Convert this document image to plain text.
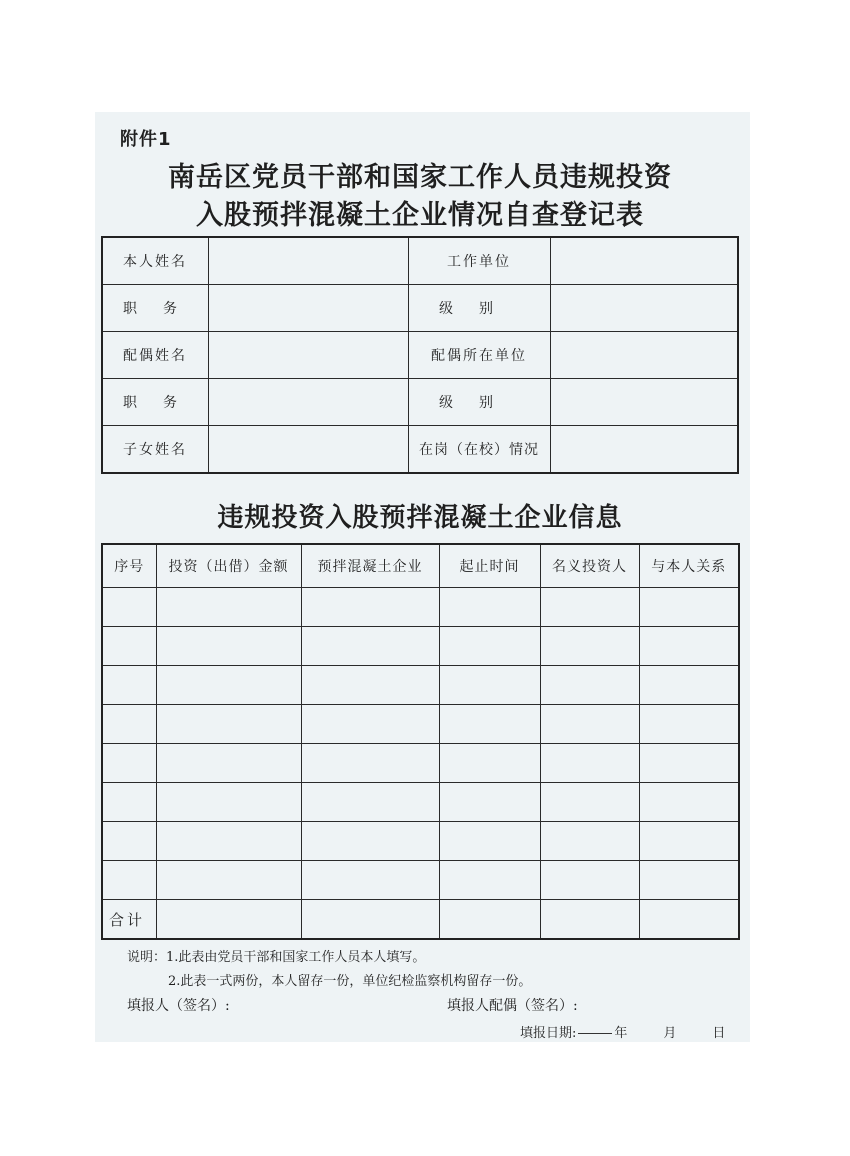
附件1
南岳区党员干部和国家工作人员违规投资
入股预拌混凝土企业情况自查登记表
本人姓名		工作单位	
职务		级别	
配偶姓名		配偶所在单位	
职务		级别	
子女姓名		在岗（在校）情况	
违规投资入股预拌混凝土企业信息
序号	投资（出借）金额	预拌混凝土企业	起止时间	名义投资人	与本人关系

合计					
说明：1.此表由党员干部和国家工作人员本人填写。
2.此表一式两份，本人留存一份，单位纪检监察机构留存一份。
填报人（签名）:	填报人配偶（签名）:
填报日期:	年	月	日
